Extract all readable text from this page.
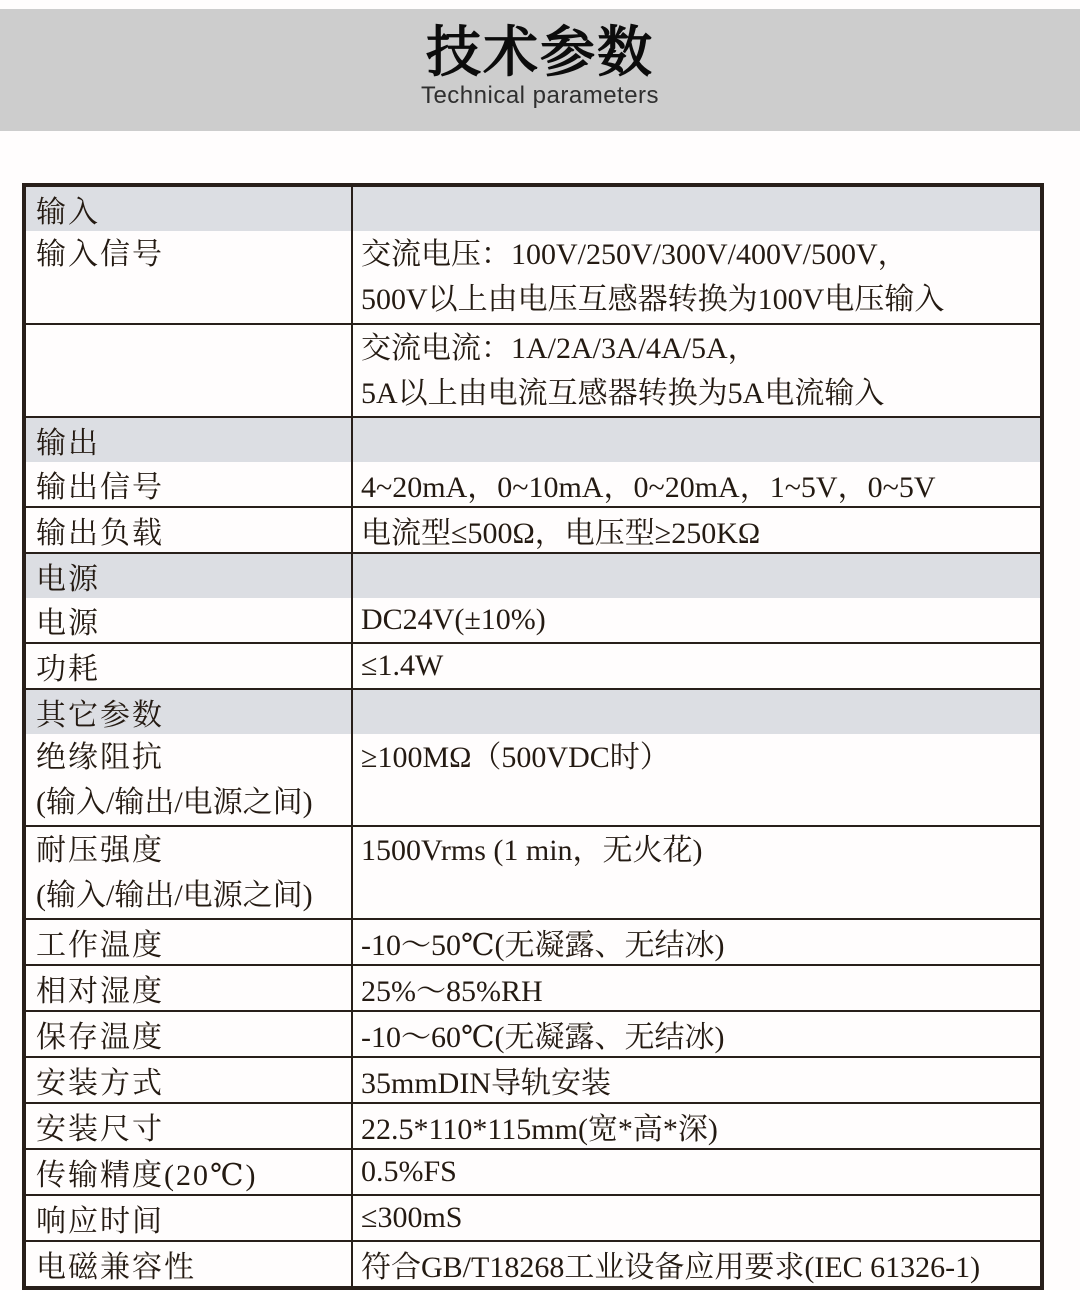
技术参数
Technical parameters
输入	
输入信号	交流电压：100V/250V/300V/400V/500V，
500V以上由电压互感器转换为100V电压输入

	交流电流：1A/2A/3A/4A/5A，
5A以上由电流互感器转换为5A电流输入

输出	
输出信号	4~20mA，0~10mA，0~20mA，1~5V，0~5V
输出负载	电流型≤500Ω，电压型≥250KΩ
电源	
电源	DC24V(±10%)
功耗	≤1.4W
其它参数	

绝缘阻抗
(输入/输出/电源之间)	≥100MΩ（500VDC时）

耐压强度
(输入/输出/电源之间)	1500Vrms (1 min，无火花)
工作温度	-10～50℃(无凝露、无结冰)
相对湿度	25%～85%RH
保存温度	-10～60℃(无凝露、无结冰)
安装方式	35mmDIN导轨安装
安装尺寸	22.5*110*115mm(宽*高*深)
传输精度(20℃)	0.5%FS
响应时间	≤300mS
电磁兼容性	符合GB/T18268工业设备应用要求(IEC 61326-1)
